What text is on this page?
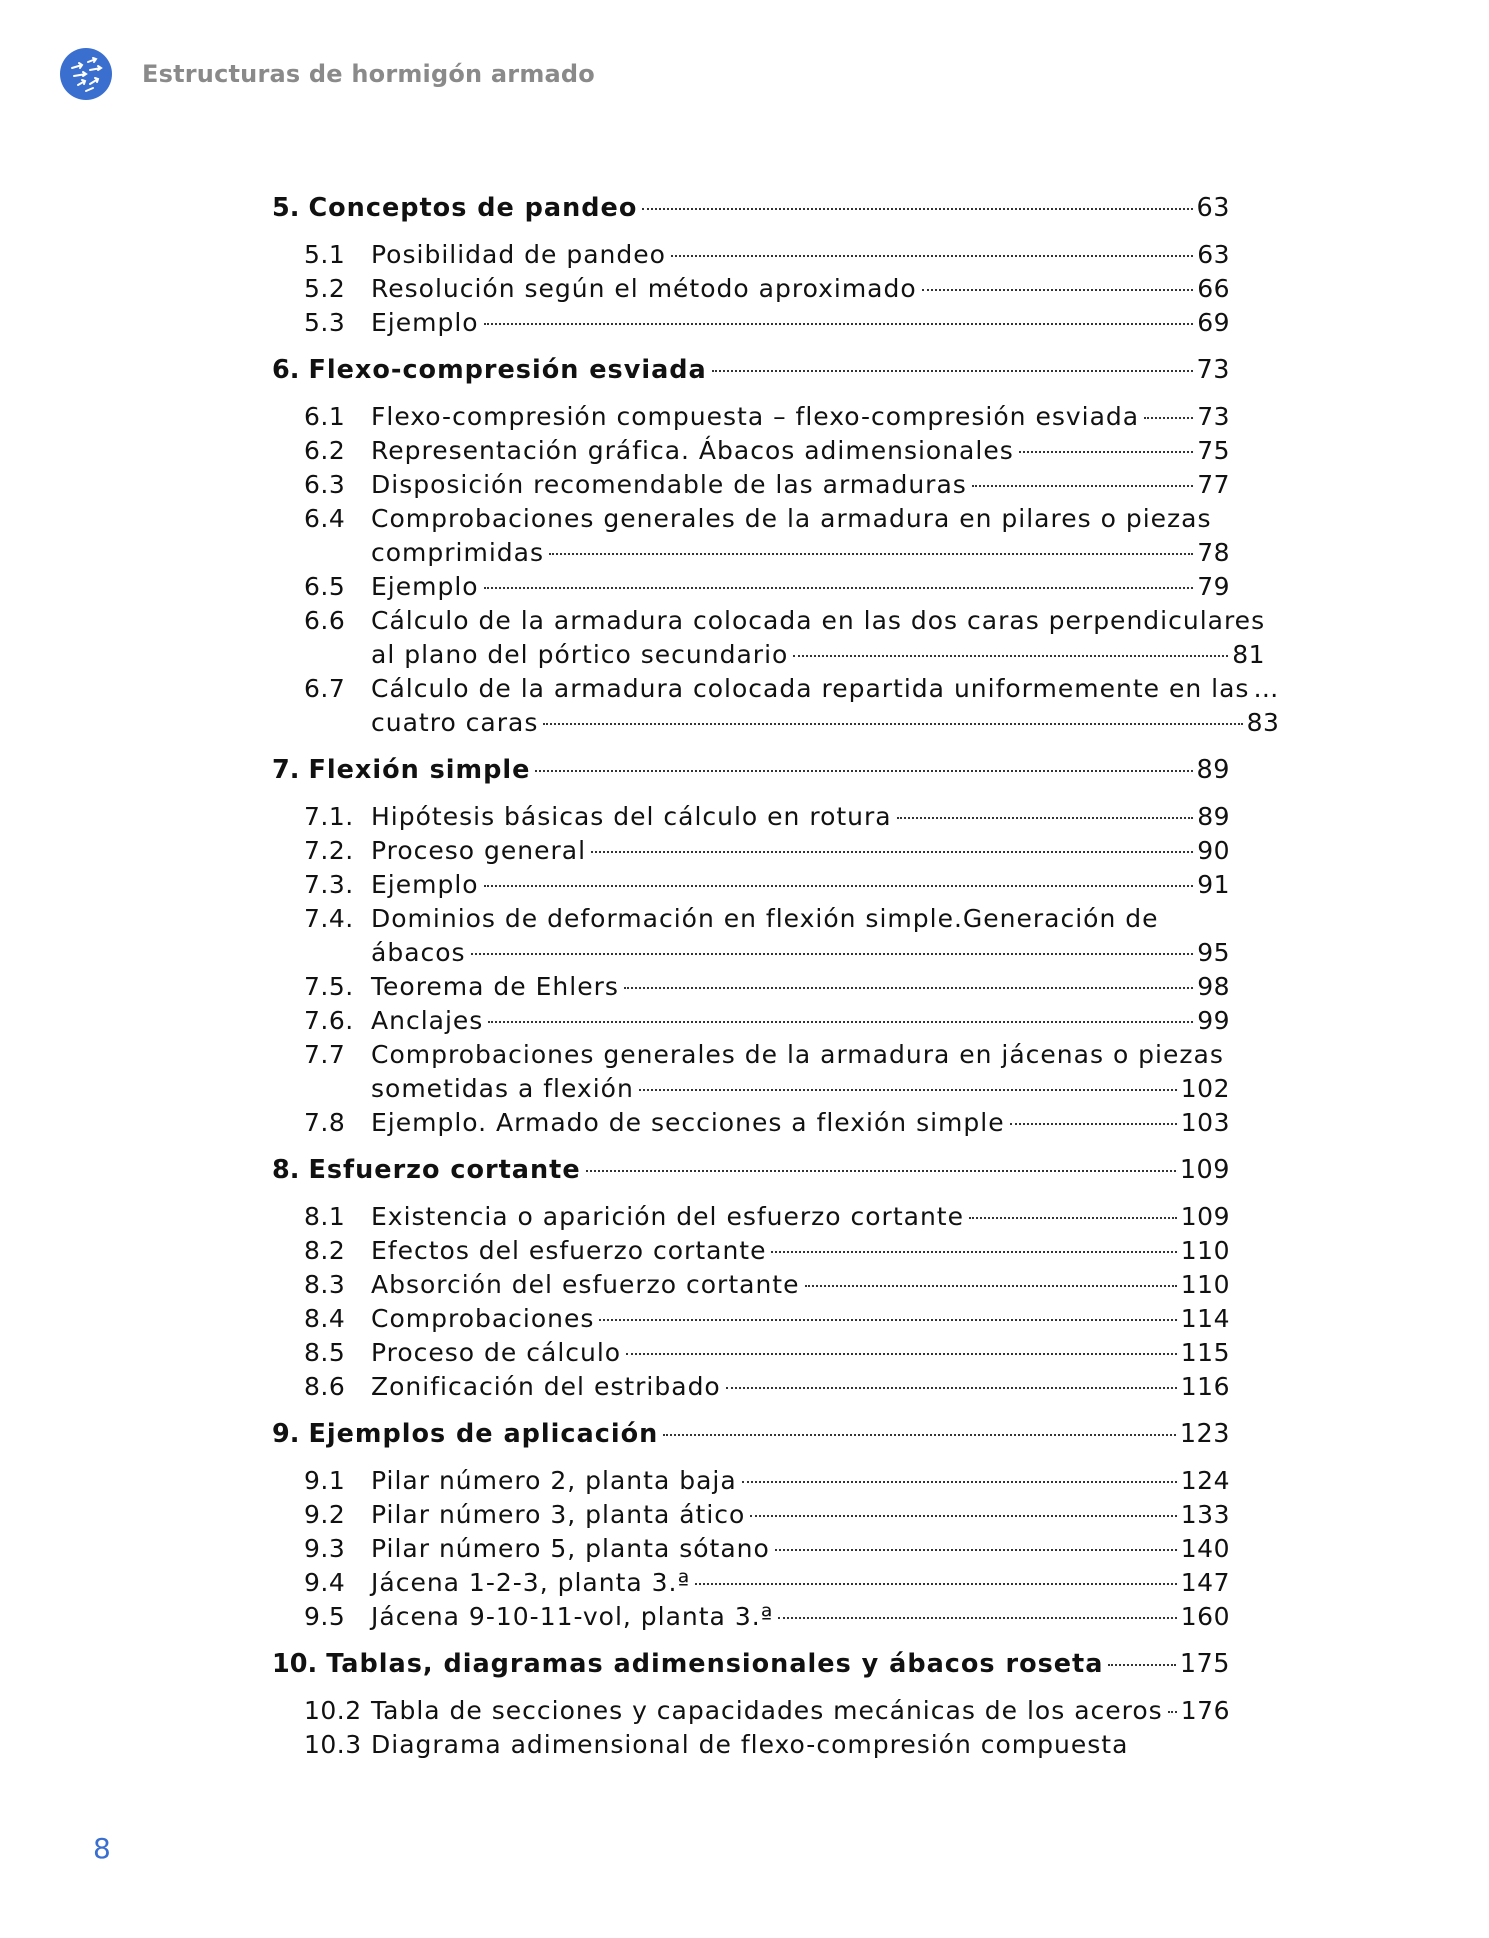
Estructuras de hormigón armado
5. Conceptos de pandeo	63
5.1	Posibilidad de pandeo	63
5.2	Resolución según el método aproximado	66
5.3	Ejemplo	69
6. Flexo-compresión esviada	73
6.1	Flexo-compresión compuesta – flexo-compresión esviada 73
6.2	Representación gráfica. Ábacos adimensionales	75
6.3	Disposición recomendable de las armaduras	77
6.4	Comprobaciones generales de la armadura en pilares o piezas
comprimidas	78
6.5	Ejemplo	79
6.6	Cálculo de la armadura colocada en las dos caras perpendiculares
al plano del pórtico secundario	81
6.7	Cálculo de la armadura colocada repartida uniformemente en las …
cuatro caras	83
7. Flexión simple	89
7.1. Hipótesis básicas del cálculo en rotura	89
7.2. Proceso general	90
7.3. Ejemplo	91
7.4. Dominios de deformación en flexión simple.Generación de
ábacos	95
7.5. Teorema de Ehlers	98
7.6. Anclajes	99
7.7	Comprobaciones generales de la armadura en jácenas o piezas
sometidas a flexión	102
7.8	Ejemplo. Armado de secciones a flexión simple	103
8. Esfuerzo cortante	109
8.1	Existencia o aparición del esfuerzo cortante	109
8.2	Efectos del esfuerzo cortante	110
8.3	Absorción del esfuerzo cortante	110
8.4	Comprobaciones	114
8.5	Proceso de cálculo	115
8.6	Zonificación del estribado	116
9. Ejemplos de aplicación	123
9.1	Pilar número 2, planta baja	124
9.2	Pilar número 3, planta ático	133
9.3	Pilar número 5, planta sótano	140
9.4	Jácena 1-2-3, planta 3.ª	147
9.5	Jácena 9-10-11-vol, planta 3.ª	160
10. Tablas, diagramas adimensionales y ábacos roseta	175
10.2 Tabla de secciones y capacidades mecánicas de los aceros 176
10.3 Diagrama adimensional de flexo-compresión compuesta
8
